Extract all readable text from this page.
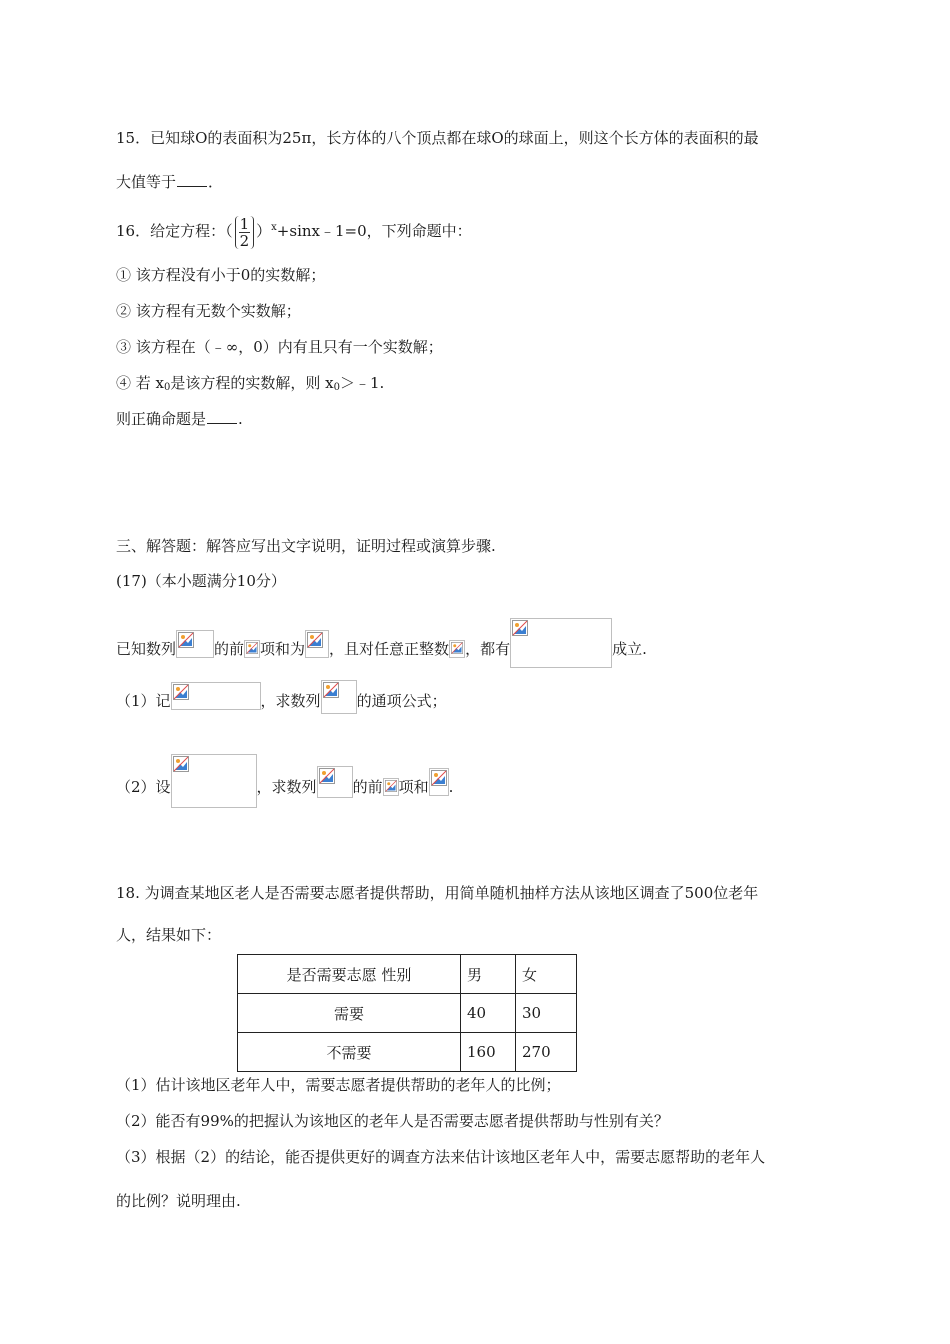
15．已知球O的表面积为25π，长方体的八个顶点都在球O的球面上，则这个长方体的表面积的最
大值等于 ．
16．给定方程：（ $\frac{1}{2}$ ）$^x$+sinx﹣1=0，下列命题中：
① 该方程没有小于0的实数解；
② 该方程有无数个实数解；
③ 该方程在（﹣∞，0）内有且只有一个实数解；
④ 若 $x_0$是该方程的实数解，则 $x_0>﹣1$.
则正确命题是 .
三、解答题：解答应写出文字说明，证明过程或演算步骤.
(17)（本小题满分10分）
已知数列	的前 项和为 ，且对任意正整数 ，都有	成立.
（1）记	，求数列 的通项公式；
（2）设	，求数列 的前 项和 .
18. 为调查某地区老人是否需要志愿者提供帮助，用简单随机抽样方法从该地区调查了500位老年
人，结果如下：
是否需要志愿 性别	男	女
需要	40	30
不需要	160	270
（1）估计该地区老年人中，需要志愿者提供帮助的老年人的比例；
（2）能否有99%的把握认为该地区的老年人是否需要志愿者提供帮助与性别有关？
（3）根据（2）的结论，能否提供更好的调查方法来估计该地区老年人中，需要志愿帮助的老年人
的比例？说明理由.
